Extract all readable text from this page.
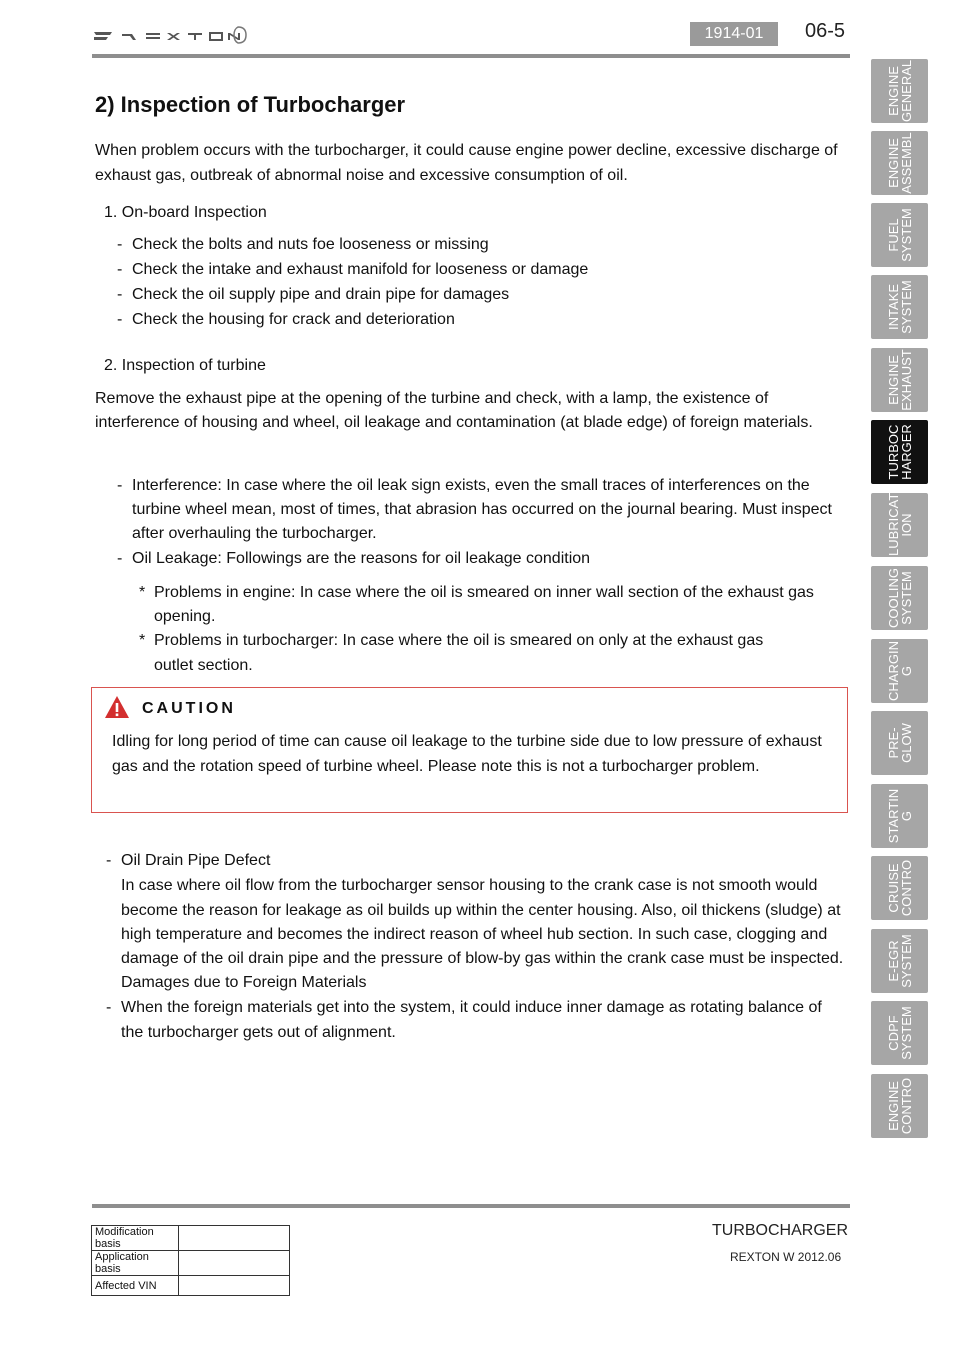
1914-01	06-5
2) Inspection of Turbocharger
When problem occurs with the turbocharger, it could cause engine power decline, excessive discharge of
exhaust gas, outbreak of abnormal noise and excessive consumption of oil.
1. On-board Inspection
- Check the bolts and nuts foe looseness or missing
- Check the intake and exhaust manifold for looseness or damage
- Check the oil supply pipe and drain pipe for damages
- Check the housing for crack and deterioration
2. Inspection of turbine
Remove the exhaust pipe at the opening of the turbine and check, with a lamp, the existence of
interference of housing and wheel, oil leakage and contamination (at blade edge) of foreign materials.
- Interference: In case where the oil leak sign exists, even the small traces of interferences on the
turbine wheel mean, most of times, that abrasion has occurred on the journal bearing. Must inspect
after overhauling the turbocharger.
- Oil Leakage: Followings are the reasons for oil leakage condition
* Problems in engine: In case where the oil is smeared on inner wall section of the exhaust gas
opening.
* Problems in turbocharger: In case where the oil is smeared on only at the exhaust gas
outlet section.
CAUTION
Idling for long period of time can cause oil leakage to the turbine side due to low pressure of exhaust
gas and the rotation speed of turbine wheel. Please note this is not a turbocharger problem.
- Oil Drain Pipe Defect
In case where oil flow from the turbocharger sensor housing to the crank case is not smooth would
become the reason for leakage as oil builds up within the center housing. Also, oil thickens (sludge) at
high temperature and becomes the indirect reason of wheel hub section. In such case, clogging and
damage of the oil drain pipe and the pressure of blow-by gas within the crank case must be inspected.
Damages due to Foreign Materials
- When the foreign materials get into the system, it could induce inner damage as rotating balance of
the turbocharger gets out of alignment.
Modification basis	
Application basis	
Affected VIN	
TURBOCHARGER
REXTON W 2012.06
ENGINE
GENERAL
ENGINE
ASSEMBL
FUEL
SYSTEM
INTAKE
SYSTEM
ENGINE
EXHAUST
TURBOC
HARGER
LUBRICAT
ION
COOLING
SYSTEM
CHARGIN
G
PRE-
GLOW
STARTIN
G
CRUISE
CONTRO
E-EGR
SYSTEM
CDPF
SYSTEM
ENGINE
CONTRO
